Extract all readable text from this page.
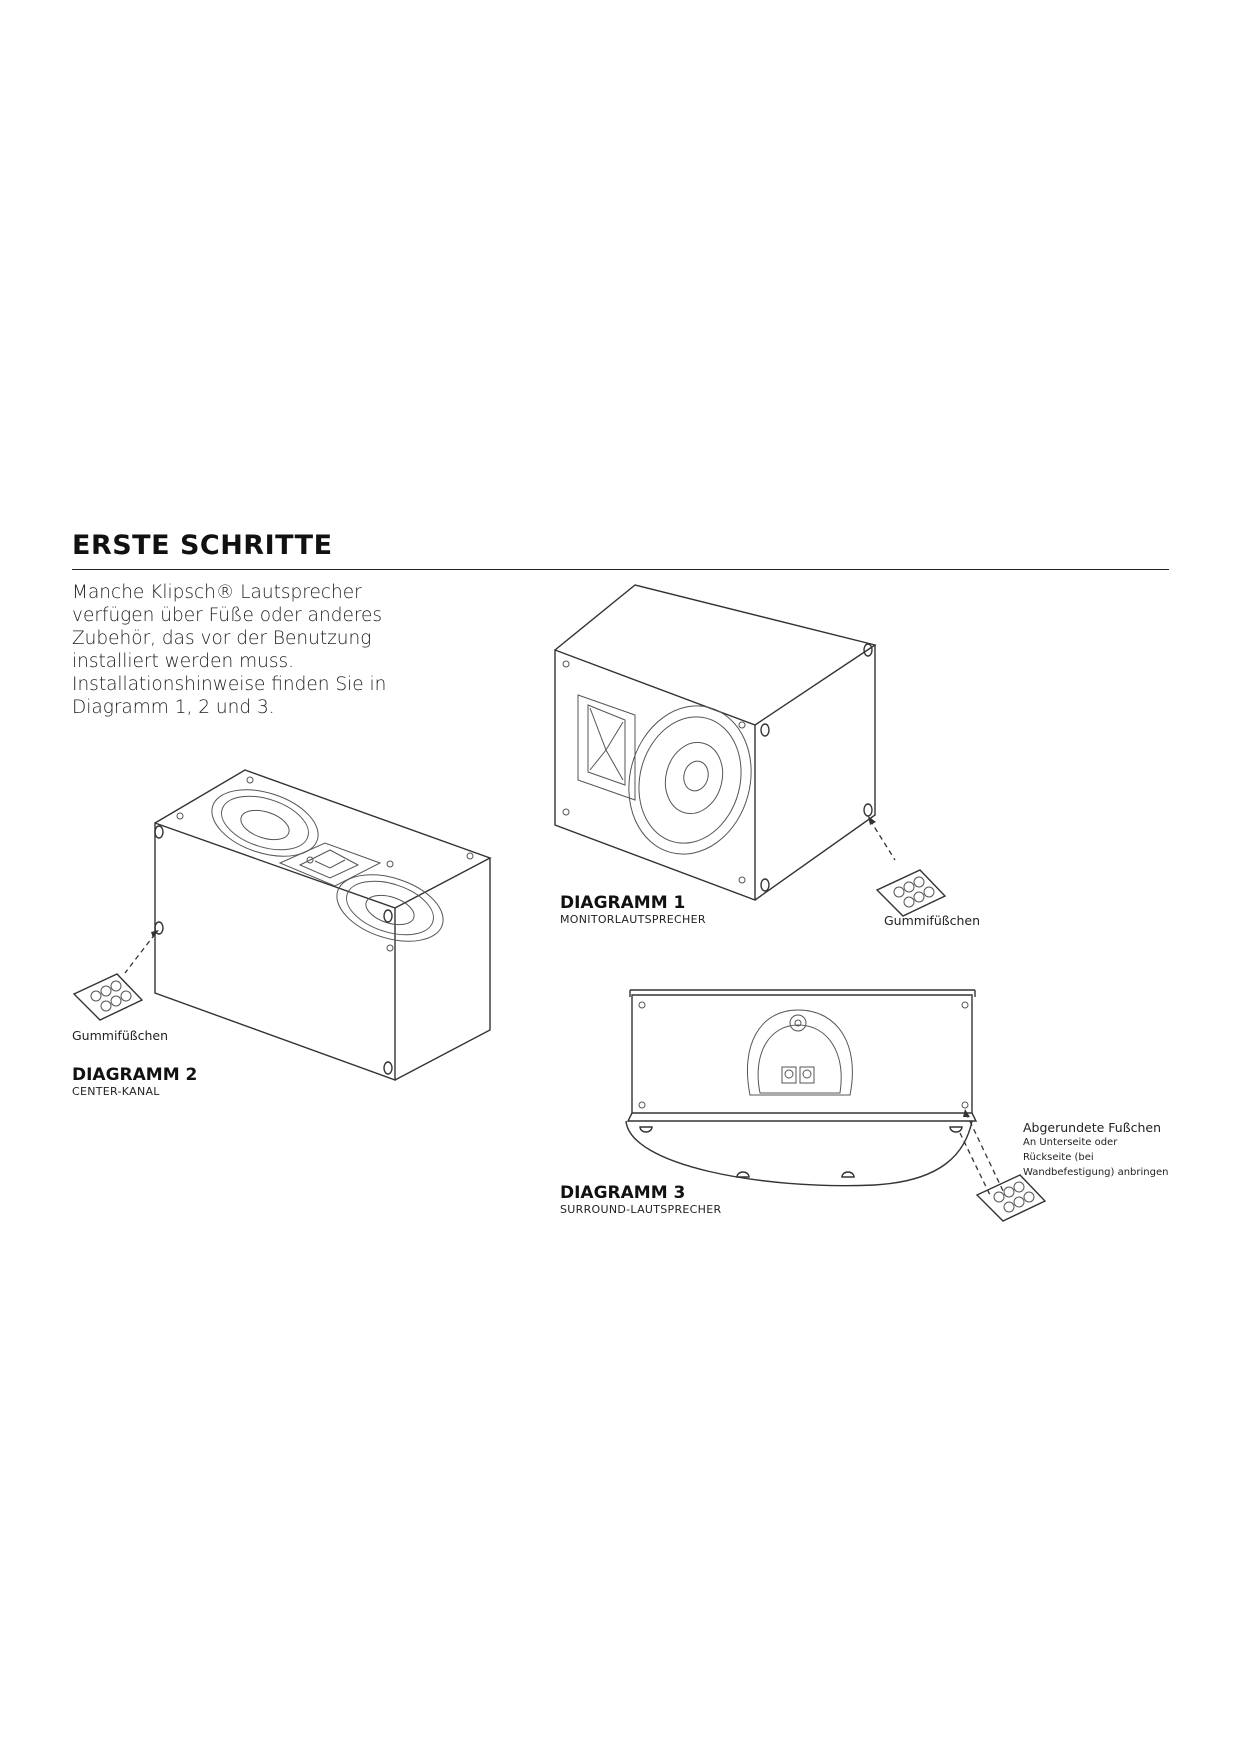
ERSTE SCHRITTE

Manche Klipsch® Lautsprecher verfügen über Füße oder anderes Zubehör, das vor der Benutzung installiert werden muss. Installationshinweise finden Sie in Diagramm 1, 2 und 3.

DIAGRAMM 1

MONITORLAUTSPRECHER	Gummifüßchen
Gummifüßchen

DIAGRAMM 2

CENTER-KANAL

Abgerundete Fußchen
An Unterseite oder
Rückseite (bei
Wandbefestigung) anbringen

DIAGRAMM 3

SURROUND-LAUTSPRECHER
